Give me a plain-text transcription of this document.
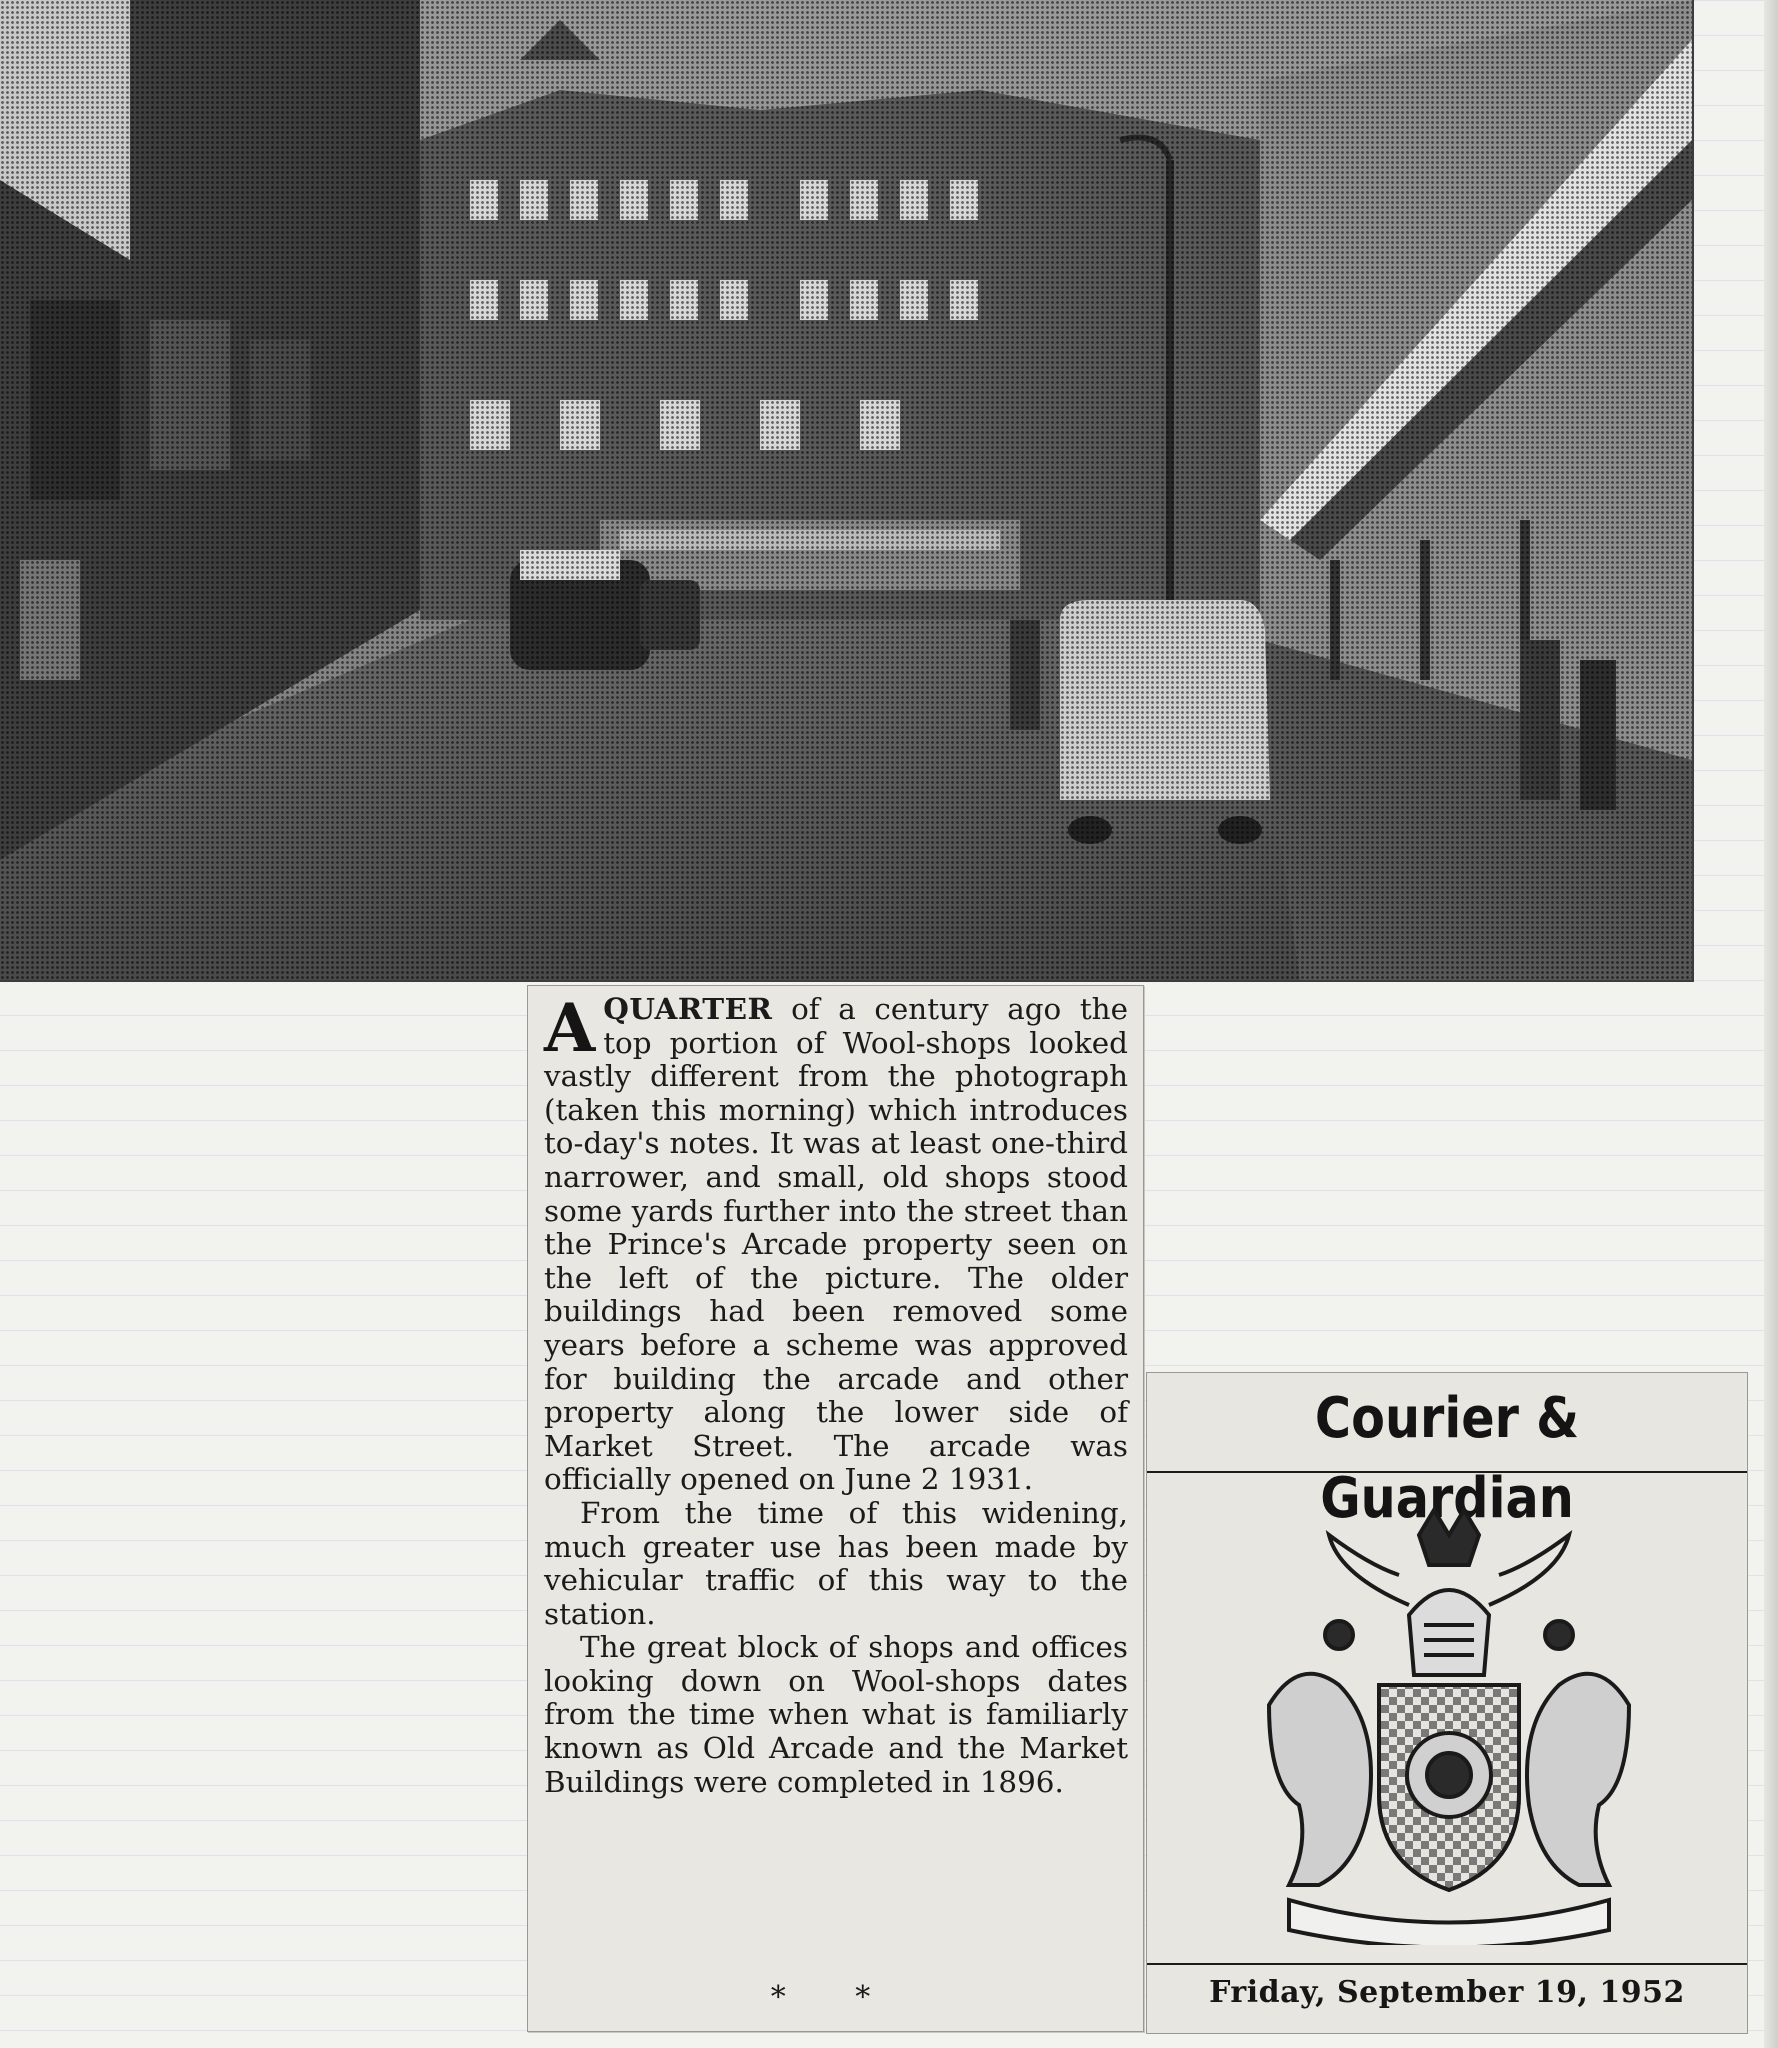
AQUARTER of a century ago the top portion of Wool-shops looked vastly different from the photograph (taken this morning) which introduces to-day's notes. It was at least one-third narrower, and small, old shops stood some yards further into the street than the Prince's Arcade property seen on the left of the picture. The older buildings had been removed some years before a scheme was approved for building the arcade and other property along the lower side of Market Street. The arcade was officially opened on June 2 1931.

From the time of this widening, much greater use has been made by vehicular traffic of this way to the station.

The great block of shops and offices looking down on Wool-shops dates from the time when what is familiarly known as Old Arcade and the Market Buildings were completed in 1896.

* *
Courier & Guardian
Friday, September 19, 1952
